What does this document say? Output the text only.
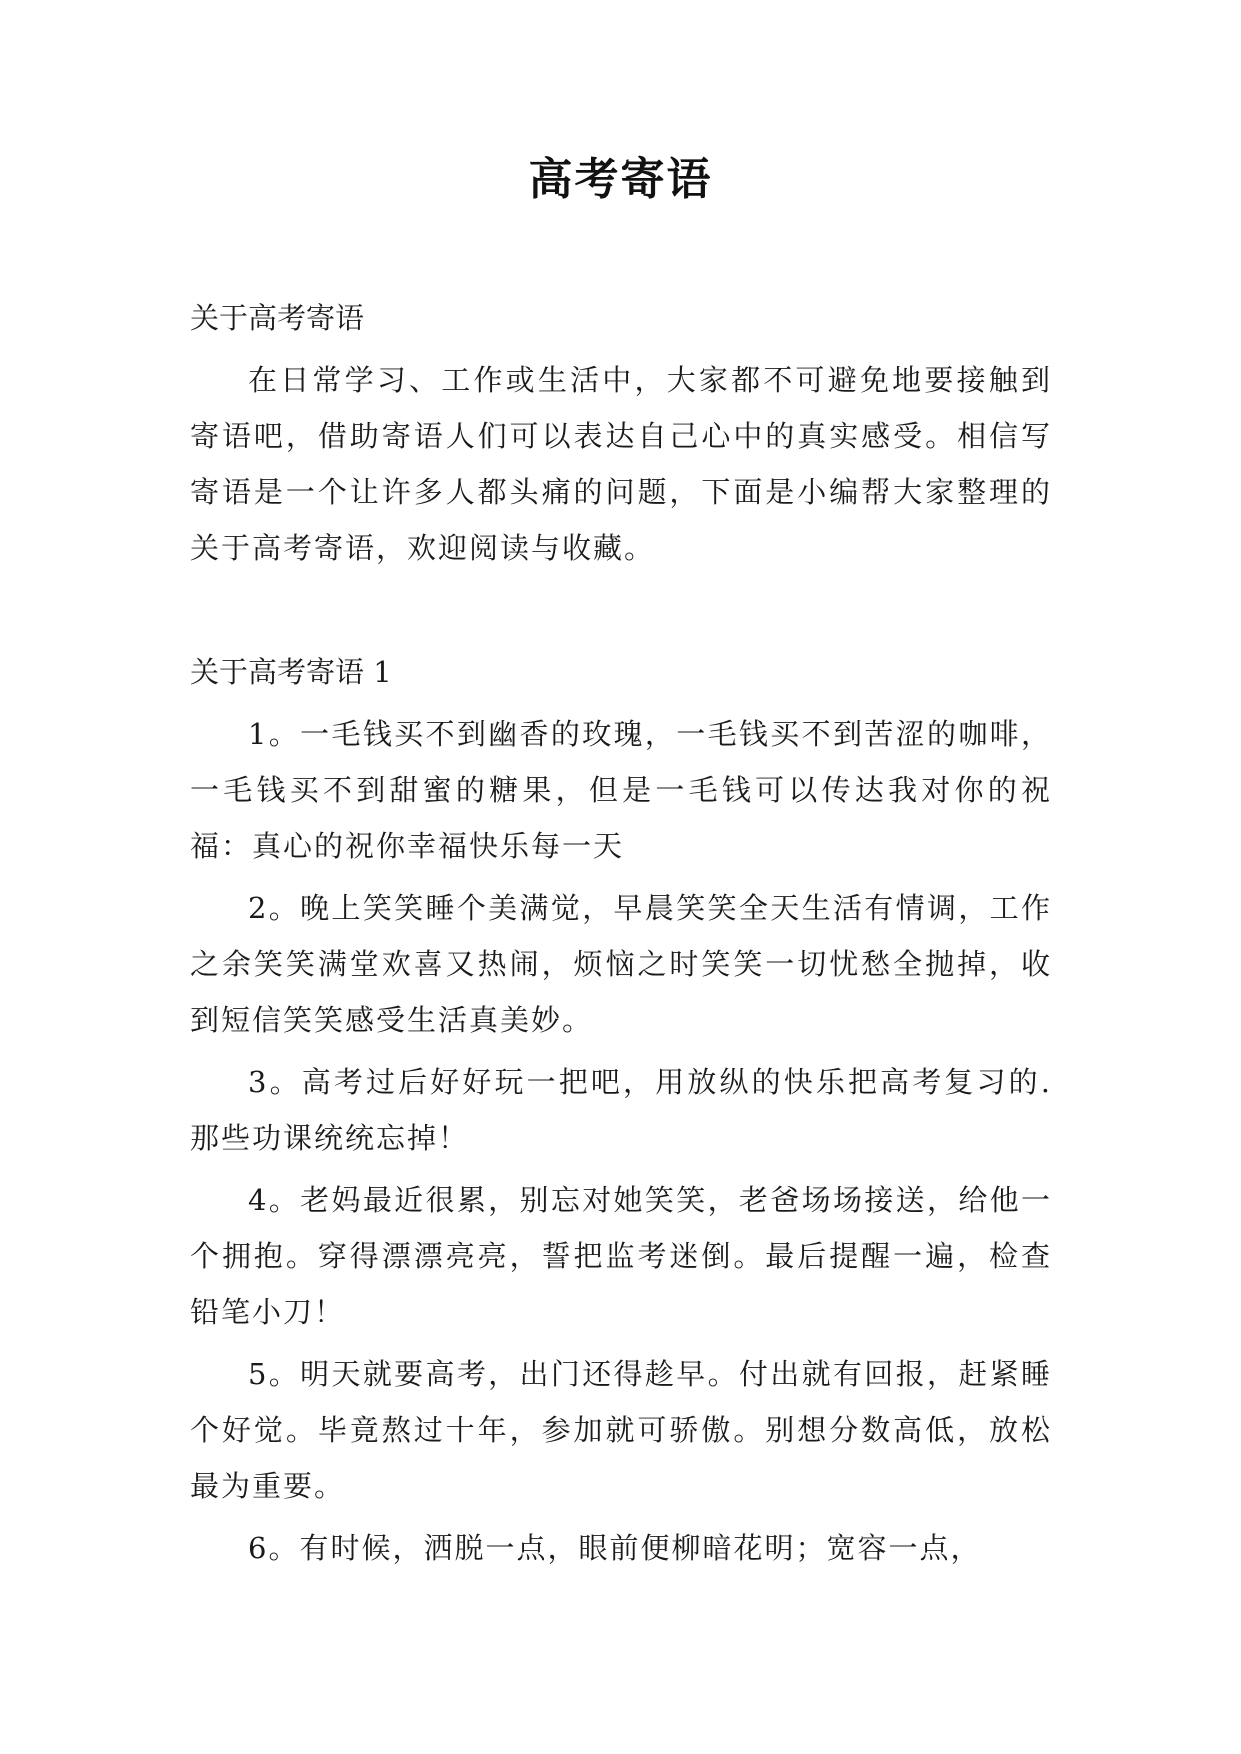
高考寄语

关于高考寄语

在日常学习、工作或生活中，大家都不可避免地要接触到寄语吧，借助寄语人们可以表达自己心中的真实感受。相信写寄语是一个让许多人都头痛的问题，下面是小编帮大家整理的关于高考寄语，欢迎阅读与收藏。

关于高考寄语 1

1。一毛钱买不到幽香的玫瑰，一毛钱买不到苦涩的咖啡，一毛钱买不到甜蜜的糖果，但是一毛钱可以传达我对你的祝福：真心的祝你幸福快乐每一天

2。晚上笑笑睡个美满觉，早晨笑笑全天生活有情调，工作之余笑笑满堂欢喜又热闹，烦恼之时笑笑一切忧愁全抛掉，收到短信笑笑感受生活真美妙。

3。高考过后好好玩一把吧，用放纵的快乐把高考复习的.那些功课统统忘掉！

4。老妈最近很累，别忘对她笑笑，老爸场场接送，给他一个拥抱。穿得漂漂亮亮，誓把监考迷倒。最后提醒一遍，检查铅笔小刀！

5。明天就要高考，出门还得趁早。付出就有回报，赶紧睡个好觉。毕竟熬过十年，参加就可骄傲。别想分数高低，放松最为重要。

6。有时候，洒脱一点，眼前便柳暗花明；宽容一点，
